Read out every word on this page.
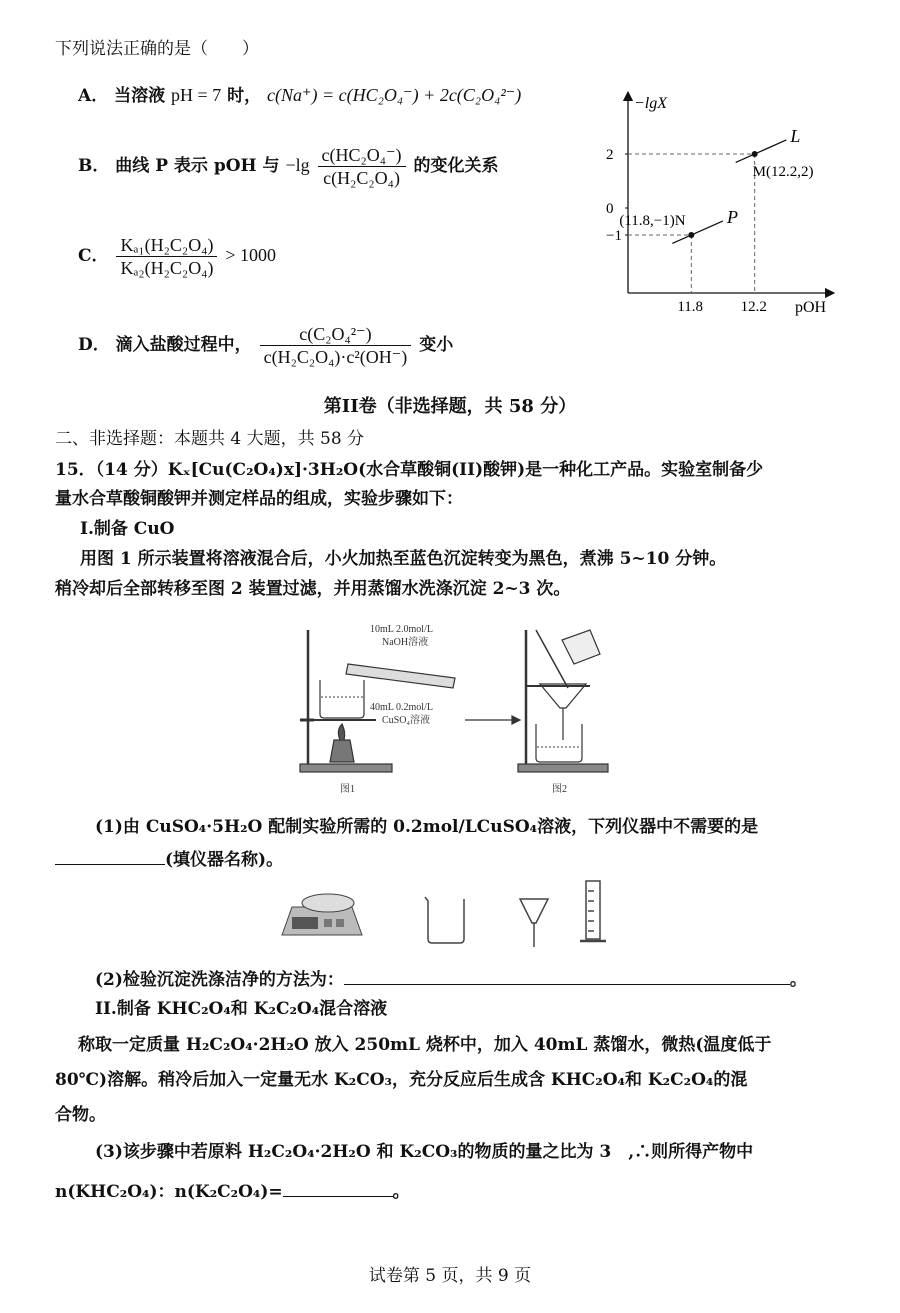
下列说法正确的是（　　）
A． 当溶液 pH = 7 时， c(Na⁺) = c(HC₂O₄⁻) + 2c(C₂O₄²⁻)
B． 曲线 P 表示 pOH 与 $-\lg \frac{\text{c(HC₂O₄⁻)}}{\text{c(H₂C₂O₄)}}$ 的变化关系
C． $\frac{\text{Kₐ₁(H₂C₂O₄)}}{\text{Kₐ₂(H₂C₂O₄)}} > 1000$
D． 滴入盐酸过程中， $\frac{\text{c(C₂O₄²⁻)}}{\text{c(H₂C₂O₄)·c²(OH⁻)}}$ 变小
−lgX
pOH
L
P
M(12.2,2)
(11.8,−1)N
2
0
−1
11.8	12.2
第II卷（非选择题，共 58 分）
二、非选择题：本题共 4 大题，共 58 分
15．（14 分）Kₓ[Cu(C₂O₄)x]·3H₂O(水合草酸铜(II)酸钾)是一种化工产品。实验室制备少
量水合草酸铜酸钾并测定样品的组成，实验步骤如下：
I.制备 CuO
用图 1 所示装置将溶液混合后，小火加热至蓝色沉淀转变为黑色，煮沸 5~10 分钟。
稍冷却后全部转移至图 2 装置过滤，并用蒸馏水洗涤沉淀 2~3 次。
10mL 2.0mol/L
NaOH溶液
40mL 0.2mol/L
CuSO₄溶液
图1	图2
(1)由 CuSO₄·5H₂O 配制实验所需的 0.2mol/LCuSO₄溶液，下列仪器中不需要的是
(填仪器名称)。
(2)检验沉淀洗涤洁净的方法为：	。
II.制备 KHC₂O₄和 K₂C₂O₄混合溶液
称取一定质量 H₂C₂O₄·2H₂O 放入 250mL 烧杯中，加入 40mL 蒸馏水，微热(温度低于
80℃)溶解。稍冷后加入一定量无水 K₂CO₃，充分反应后生成含 KHC₂O₄和 K₂C₂O₄的混
合物。
(3)该步骤中若原料 H₂C₂O₄·2H₂O 和 K₂CO₃的物质的量之比为 3　,∴则所得产物中
n(KHC₂O₄)：n(K₂C₂O₄)=	。
试卷第 5 页，共 9 页
